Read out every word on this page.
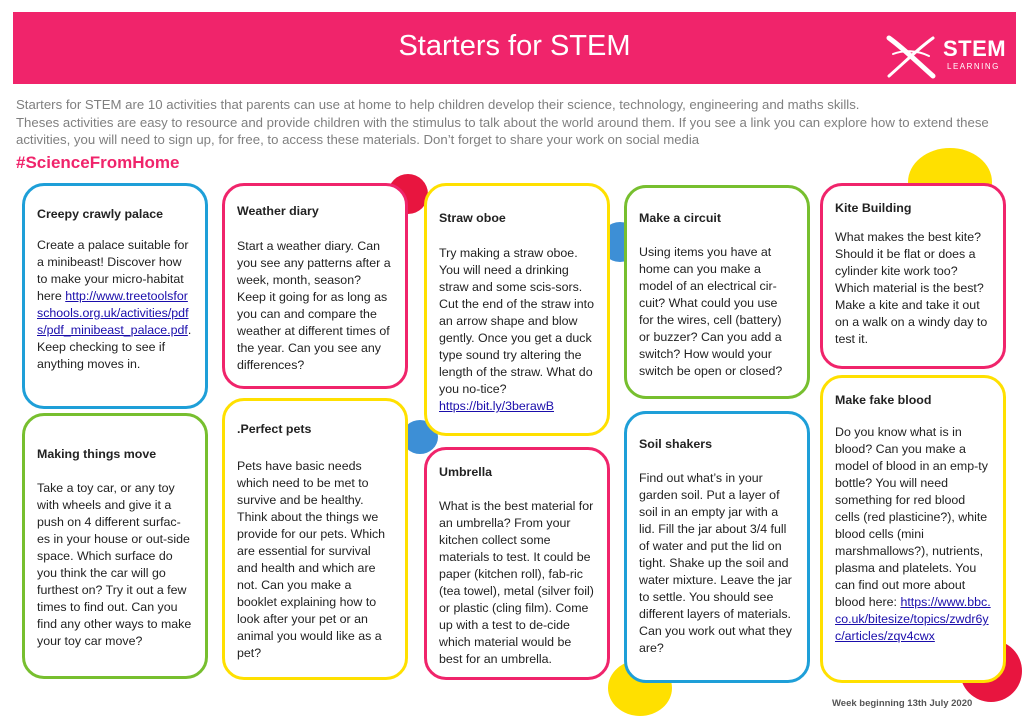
Starters for STEM	STEM
LEARNING

Starters for STEM are 10 activities that parents can use at home to help children develop their science, technology, engineering and maths skills.

Theses activities are easy to resource and provide children with the stimulus to talk about the world around them. If you see a link you can explore how to extend these activities, you will need to sign up, for free, to access these materials. Don’t forget to share your work on social media

#ScienceFromHome
Creepy crawly palace
Create a palace suitable for a minibeast! Discover how to make your micro-habitat here http://www.treetoolsforschools.org.uk/activities/pdfs/pdf_minibeast_palace.pdf. Keep checking to see if anything moves in.
Making things move
Take a toy car, or any toy with wheels and give it a push on 4 different surfac-es in your house or out-side space. Which surface do you think the car will go furthest on? Try it out a few times to find out. Can you find any other ways to make your toy car move?
Weather diary
Start a weather diary. Can you see any patterns after a week, month, season? Keep it going for as long as you can and compare the weather at different times of the year. Can you see any differences?
.Perfect pets
Pets have basic needs which need to be met to survive and be healthy. Think about the things we provide for our pets. Which are essential for survival and health and which are not. Can you make a booklet explaining how to look after your pet or an animal you would like as a pet?
Straw oboe
Try making a straw oboe. You will need a drinking straw and some scis-sors. Cut the end of the straw into an arrow shape and blow gently. Once you get a duck type sound try altering the length of the straw. What do you no-tice? https://bit.ly/3berawB
Umbrella
What is the best material for an umbrella? From your kitchen collect some materials to test. It could be paper (kitchen roll), fab-ric (tea towel), metal (silver foil) or plastic (cling film). Come up with a test to de-cide which material would be best for an umbrella.
Make a circuit
Using items you have at home can you make a model of an electrical cir-cuit? What could you use for the wires, cell (battery) or buzzer? Can you add a switch? How would your switch be open or closed?
Soil shakers
Find out what’s in your garden soil. Put a layer of soil in an empty jar with a lid. Fill the jar about 3/4 full of water and put the lid on tight. Shake up the soil and water mixture. Leave the jar to settle. You should see different layers of materials. Can you work out what they are?
Kite Building
What makes the best kite? Should it be flat or does a cylinder kite work too? Which material is the best? Make a kite and take it out on a walk on a windy day to test it.
Make fake blood
Do you know what is in blood? Can you make a model of blood in an emp-ty bottle? You will need something for red blood cells (red plasticine?), white blood cells (mini marshmallows?), nutrients, plasma and platelets. You can find out more about blood here: https://www.bbc.co.uk/bitesize/topics/zwdr6yc/articles/zqv4cwx
Week beginning 13th July 2020
